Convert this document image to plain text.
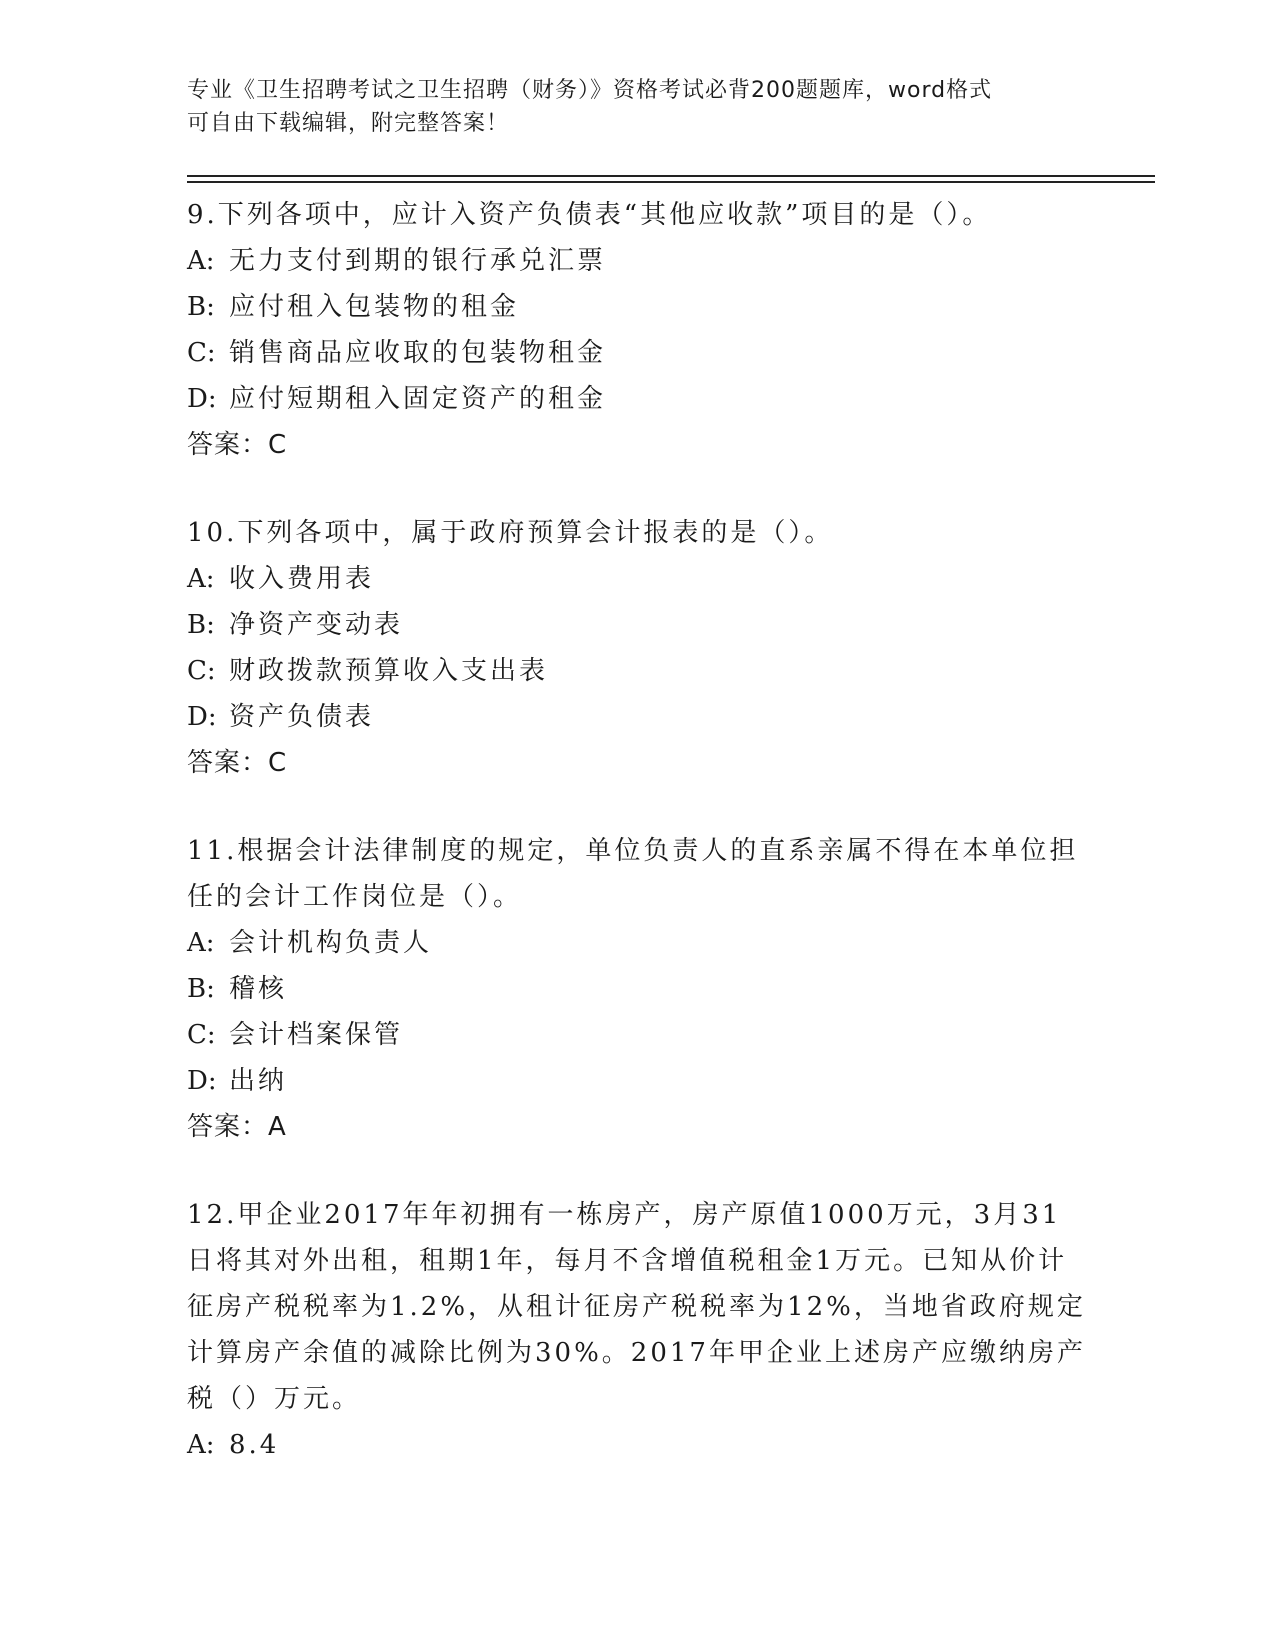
专业《卫生招聘考试之卫生招聘（财务）》资格考试必背200题题库，word格式
可自由下载编辑，附完整答案！
9.下列各项中，应计入资产负债表“其他应收款”项目的是（）。
A: 无力支付到期的银行承兑汇票
B: 应付租入包装物的租金
C: 销售商品应收取的包装物租金
D: 应付短期租入固定资产的租金
答案：C
10.下列各项中，属于政府预算会计报表的是（）。
A: 收入费用表
B: 净资产变动表
C: 财政拨款预算收入支出表
D: 资产负债表
答案：C
11.根据会计法律制度的规定，单位负责人的直系亲属不得在本单位担任的会计工作岗位是（）。
A: 会计机构负责人
B: 稽核
C: 会计档案保管
D: 出纳
答案：A
12.甲企业2017年年初拥有一栋房产，房产原值1000万元，3月31日将其对外出租，租期1年，每月不含增值税租金1万元。已知从价计征房产税税率为1.2%，从租计征房产税税率为12%，当地省政府规定计算房产余值的减除比例为30%。2017年甲企业上述房产应缴纳房产税（）万元。
A: 8.4
